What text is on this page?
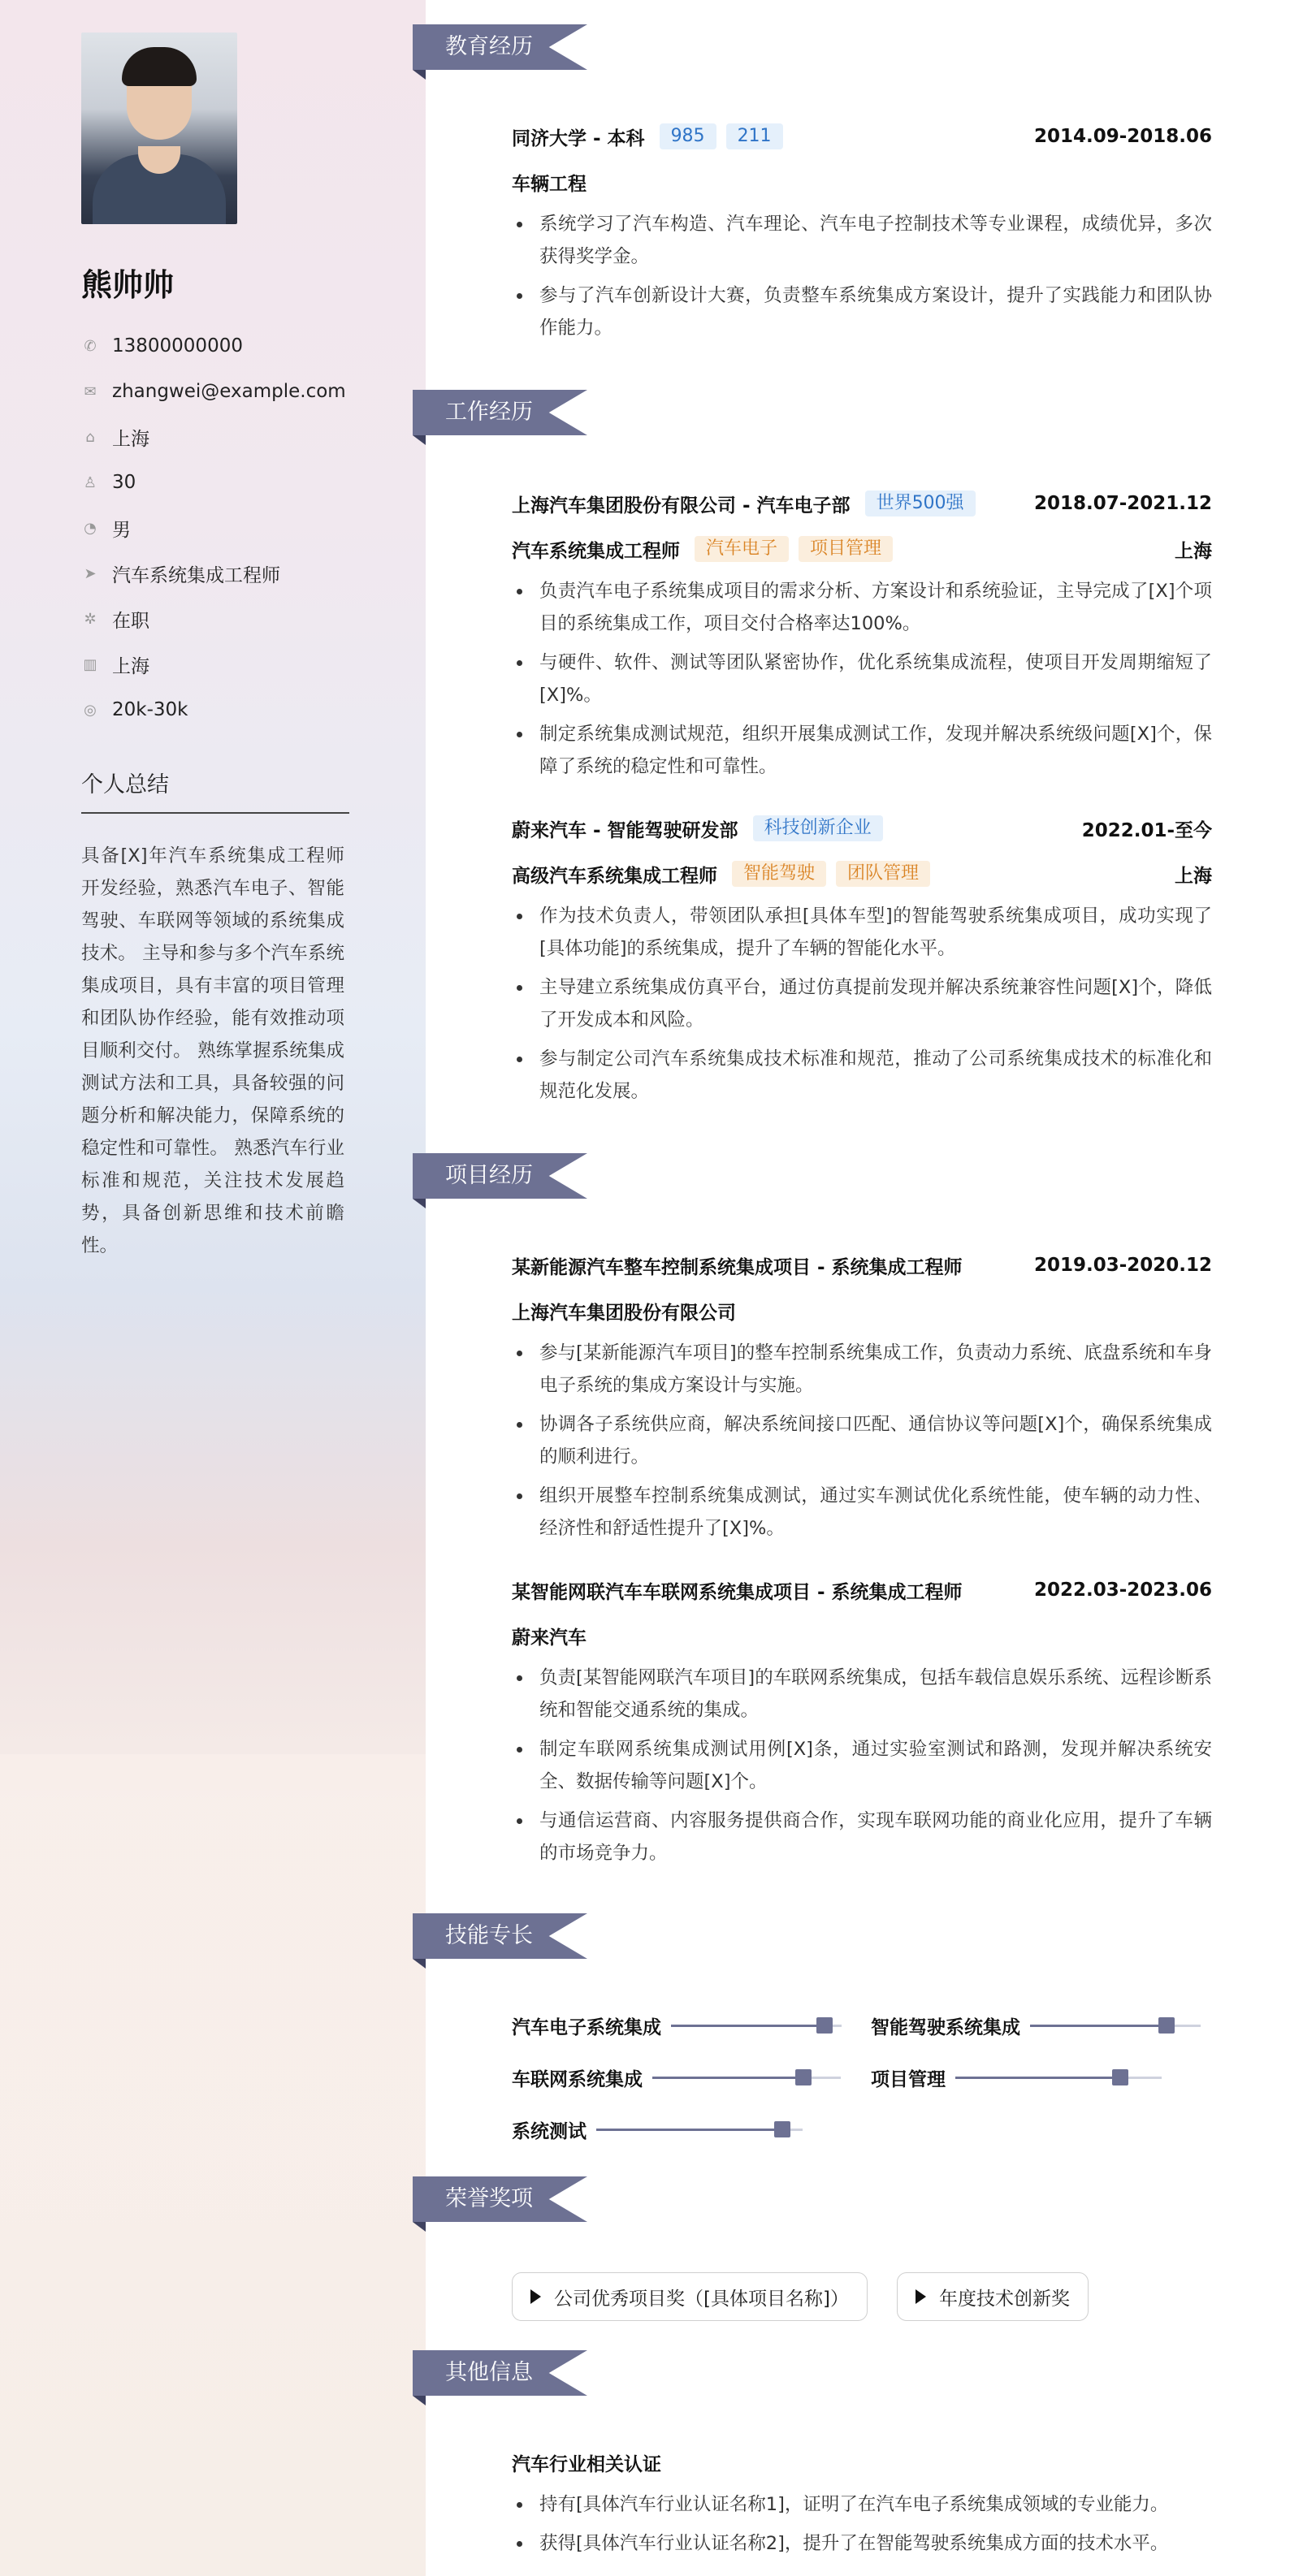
熊帅帅
✆ 13800000000
✉ zhangwei@example.com
⌂ 上海
♙ 30
◔ 男
➤ 汽车系统集成工程师
✲ 在职
▥ 上海
◎ 20k-30k
个人总结
具备[X]年汽车系统集成工程师开发经验，熟悉汽车电子、智能驾驶、车联网等领域的系统集成技术。 主导和参与多个汽车系统集成项目，具有丰富的项目管理和团队协作经验，能有效推动项目顺利交付。 熟练掌握系统集成测试方法和工具，具备较强的问题分析和解决能力，保障系统的稳定性和可靠性。 熟悉汽车行业标准和规范，关注技术发展趋势，具备创新思维和技术前瞻性。
教育经历
同济大学 - 本科	985	211	2014.09-2018.06
车辆工程
系统学习了汽车构造、汽车理论、汽车电子控制技术等专业课程，成绩优异，多次获得奖学金。
参与了汽车创新设计大赛，负责整车系统集成方案设计，提升了实践能力和团队协作能力。
工作经历
上海汽车集团股份有限公司 - 汽车电子部	世界500强	2018.07-2021.12
汽车系统集成工程师	汽车电子	项目管理	上海
负责汽车电子系统集成项目的需求分析、方案设计和系统验证，主导完成了[X]个项目的系统集成工作，项目交付合格率达100%。
与硬件、软件、测试等团队紧密协作，优化系统集成流程，使项目开发周期缩短了[X]%。
制定系统集成测试规范，组织开展集成测试工作，发现并解决系统级问题[X]个，保障了系统的稳定性和可靠性。
蔚来汽车 - 智能驾驶研发部	科技创新企业	2022.01-至今
高级汽车系统集成工程师	智能驾驶	团队管理	上海
作为技术负责人，带领团队承担[具体车型]的智能驾驶系统集成项目，成功实现了[具体功能]的系统集成，提升了车辆的智能化水平。
主导建立系统集成仿真平台，通过仿真提前发现并解决系统兼容性问题[X]个，降低了开发成本和风险。
参与制定公司汽车系统集成技术标准和规范，推动了公司系统集成技术的标准化和规范化发展。
项目经历
某新能源汽车整车控制系统集成项目 - 系统集成工程师	2019.03-2020.12
上海汽车集团股份有限公司
参与[某新能源汽车项目]的整车控制系统集成工作，负责动力系统、底盘系统和车身电子系统的集成方案设计与实施。
协调各子系统供应商，解决系统间接口匹配、通信协议等问题[X]个，确保系统集成的顺利进行。
组织开展整车控制系统集成测试，通过实车测试优化系统性能，使车辆的动力性、经济性和舒适性提升了[X]%。
某智能网联汽车车联网系统集成项目 - 系统集成工程师	2022.03-2023.06
蔚来汽车
负责[某智能网联汽车项目]的车联网系统集成，包括车载信息娱乐系统、远程诊断系统和智能交通系统的集成。
制定车联网系统集成测试用例[X]条，通过实验室测试和路测，发现并解决系统安全、数据传输等问题[X]个。
与通信运营商、内容服务提供商合作，实现车联网功能的商业化应用，提升了车辆的市场竞争力。
技能专长
汽车电子系统集成	智能驾驶系统集成
车联网系统集成	项目管理
系统测试
荣誉奖项
公司优秀项目奖（[具体项目名称]）	年度技术创新奖
其他信息
汽车行业相关认证
持有[具体汽车行业认证名称1]，证明了在汽车电子系统集成领域的专业能力。
获得[具体汽车行业认证名称2]，提升了在智能驾驶系统集成方面的技术水平。
